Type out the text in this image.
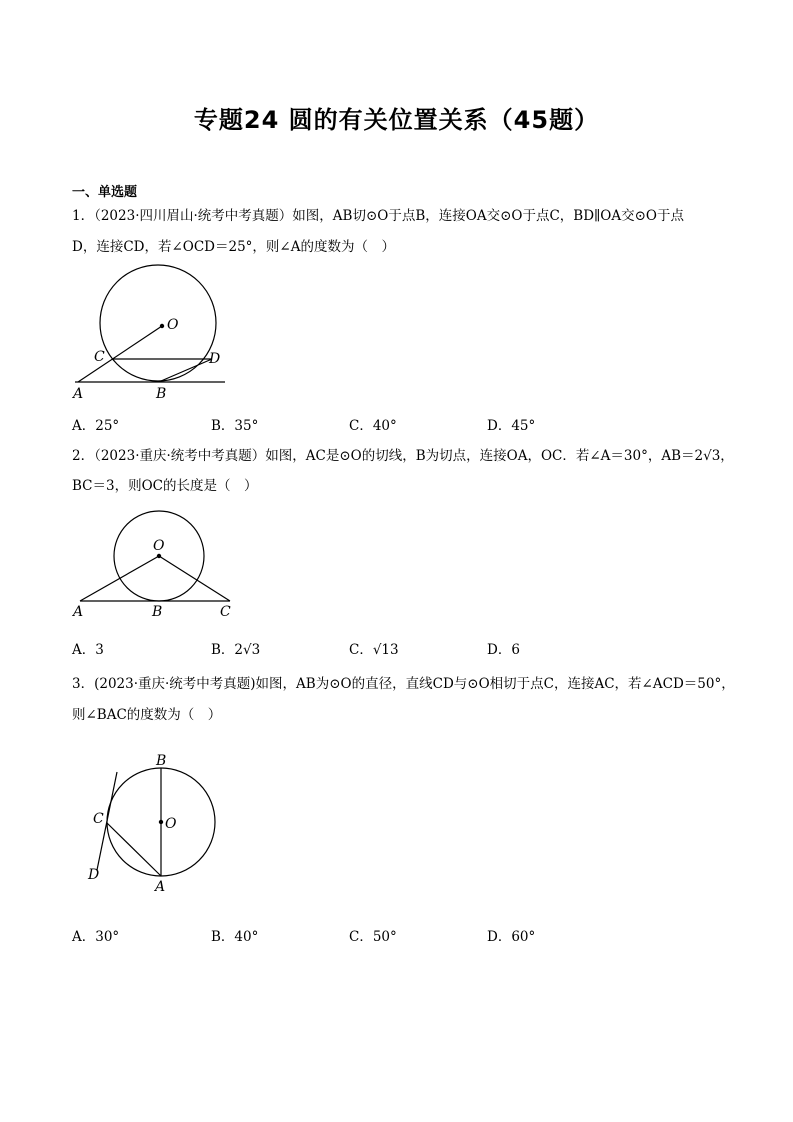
专题24 圆的有关位置关系（45题）
一、单选题
1．（2023·四川眉山·统考中考真题）如图，AB切⊙O于点B，连接OA交⊙O于点C，BD∥OA交⊙O于点
D，连接CD，若∠OCD＝25°，则∠A的度数为（　）
O
C	D
A	B
A．25°	B．35°	C．40°	D．45°
2．（2023·重庆·统考中考真题）如图，AC是⊙O的切线，B为切点，连接OA，OC．若∠A＝30°，AB＝2√3，
BC＝3，则OC的长度是（　）
O
A	B	C
A．3	B．2√3	C．√13	D．6
3．(2023·重庆·统考中考真题)如图，AB为⊙O的直径，直线CD与⊙O相切于点C，连接AC，若∠ACD＝50°，
则∠BAC的度数为（　）
B
O
C
D
A
A．30°	B．40°	C．50°	D．60°
